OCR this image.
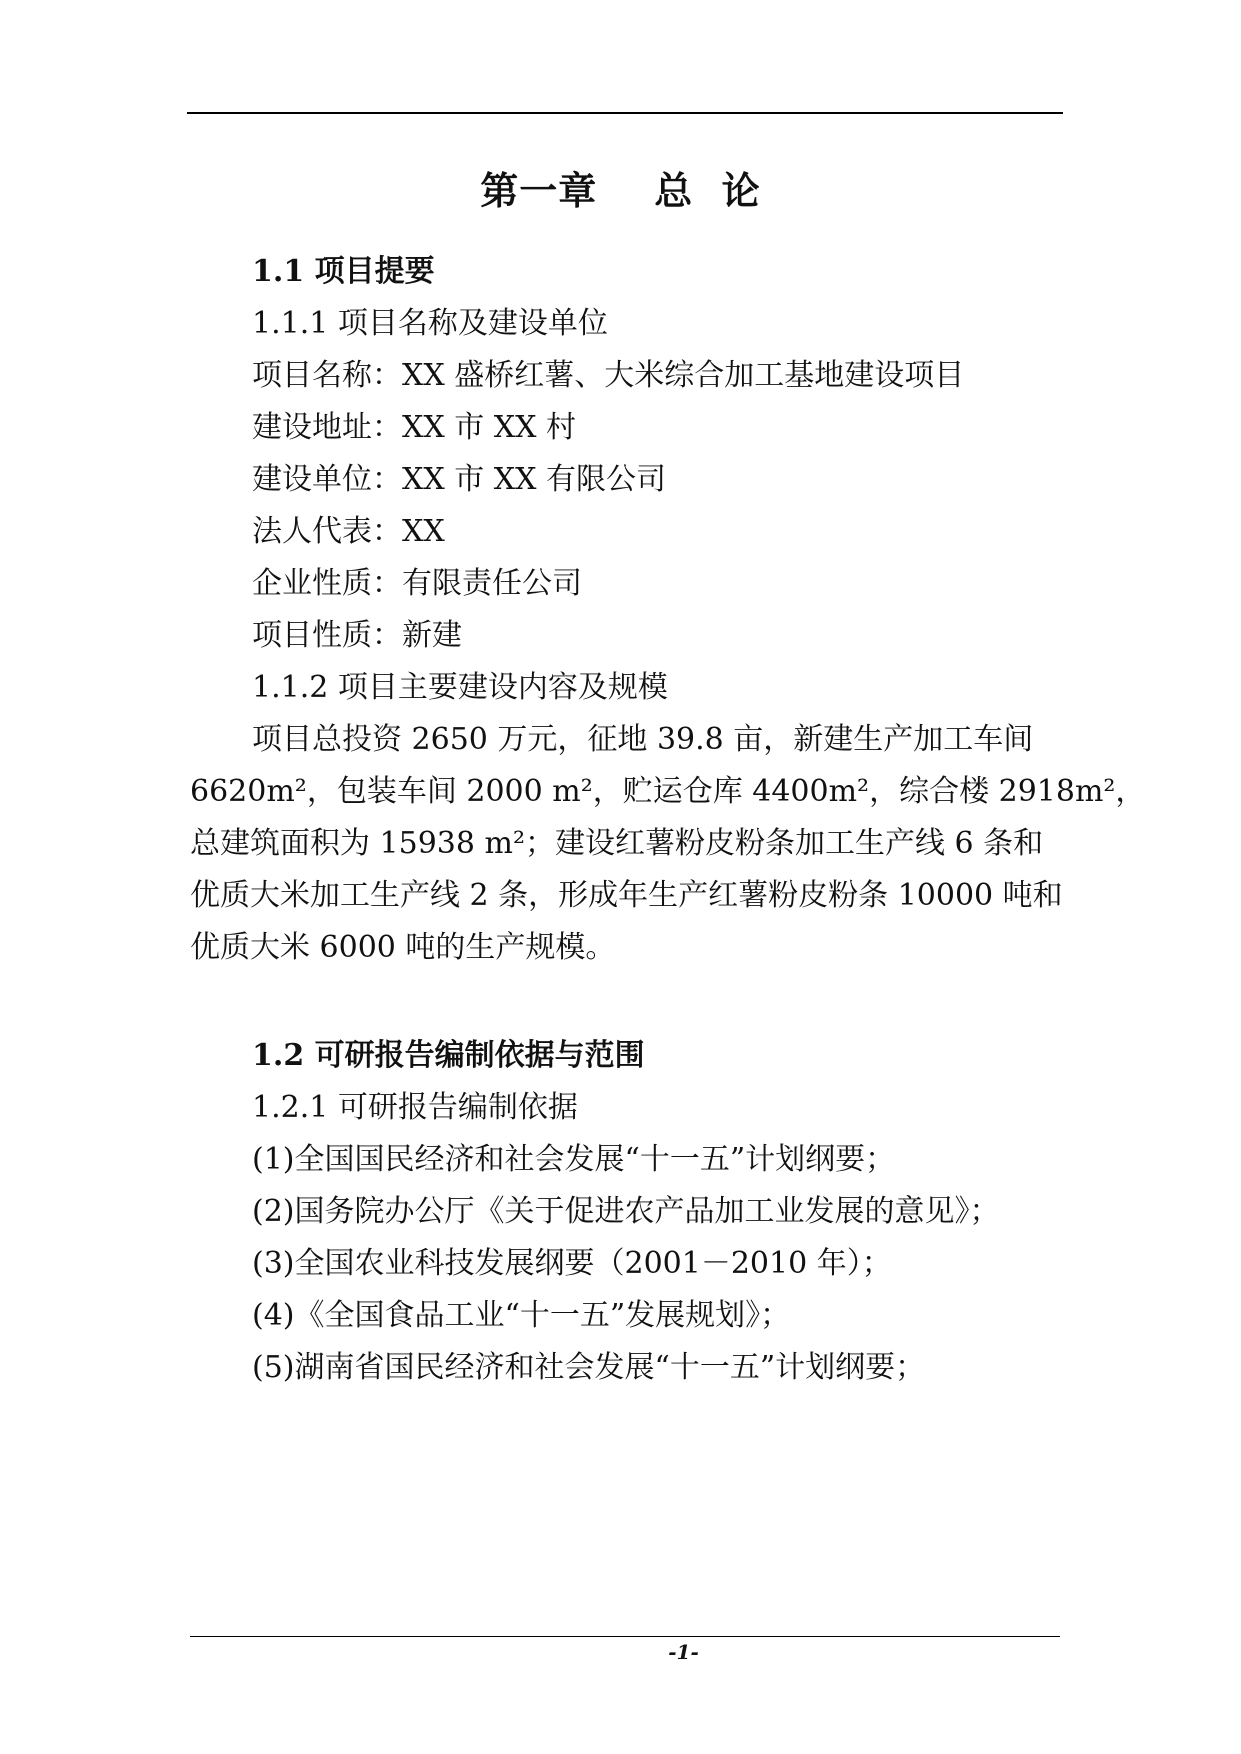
第一章    总  论
1.1 项目提要
1.1.1 项目名称及建设单位
项目名称：XX 盛桥红薯、大米综合加工基地建设项目
建设地址：XX 市 XX 村
建设单位：XX 市 XX 有限公司
法人代表：XX
企业性质：有限责任公司
项目性质：新建
1.1.2 项目主要建设内容及规模
项目总投资 2650 万元，征地 39.8 亩，新建生产加工车间
6620m²，包装车间 2000 m²，贮运仓库 4400m²，综合楼 2918m²，
总建筑面积为 15938 m²；建设红薯粉皮粉条加工生产线 6 条和
优质大米加工生产线 2 条，形成年生产红薯粉皮粉条 10000 吨和
优质大米 6000 吨的生产规模。
1.2 可研报告编制依据与范围
1.2.1 可研报告编制依据
(1)全国国民经济和社会发展“十一五”计划纲要；
(2)国务院办公厅《关于促进农产品加工业发展的意见》；
(3)全国农业科技发展纲要（2001－2010 年）；
(4)《全国食品工业“十一五”发展规划》；
(5)湖南省国民经济和社会发展“十一五”计划纲要；
-1-
